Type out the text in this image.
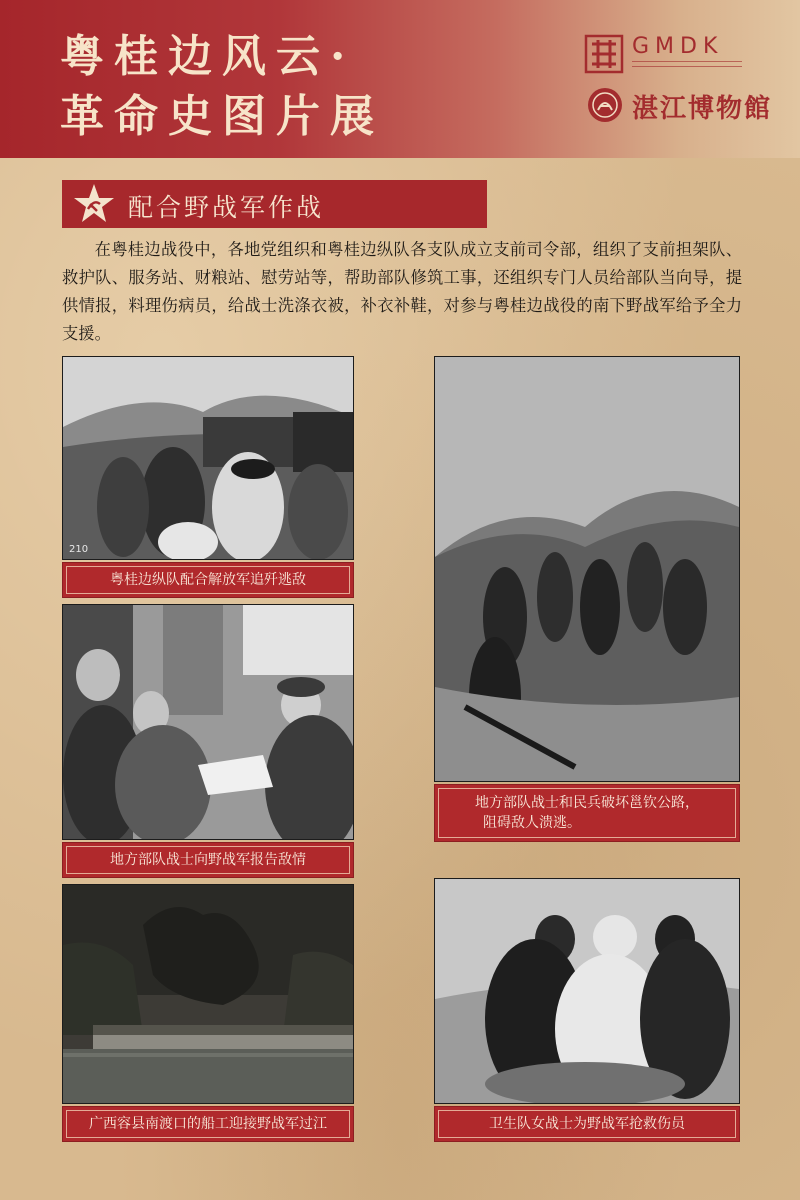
粤桂边风云·
革命史图片展
GMDK
湛江博物館
配合野战军作战
在粤桂边战役中，各地党组织和粤桂边纵队各支队成立支前司令部，组织了支前担架队、救护队、服务站、财粮站、慰劳站等，帮助部队修筑工事，还组织专门人员给部队当向导，提供情报，料理伤病员，给战士洗涤衣被，补衣补鞋，对参与粤桂边战役的南下野战军给予全力支援。
210
粤桂边纵队配合解放军追歼逃敌
地方部队战士向野战军报告敌情
广西容县南渡口的船工迎接野战军过江
地方部队战士和民兵破坏邕钦公路，
阻碍敌人溃逃。
卫生队女战士为野战军抢救伤员
